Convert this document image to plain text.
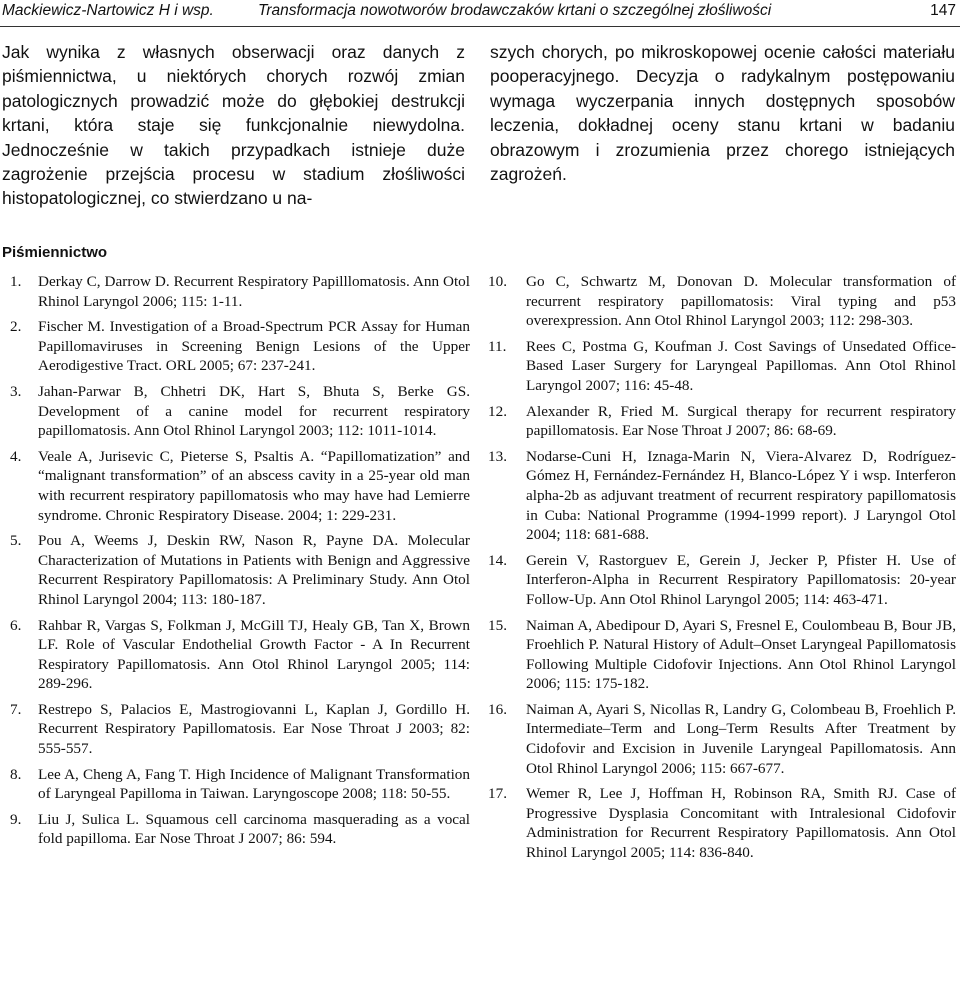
Mackiewicz-Nartowicz H i wsp.	Transformacja nowotworów brodawczaków krtani o szczególnej złośliwości	147

Jak wynika z własnych obserwacji oraz danych z piśmiennictwa, u niektórych chorych rozwój zmian patologicznych prowadzić może do głębokiej destrukcji krtani, która staje się funkcjonalnie niewydolna. Jednocześnie w takich przypadkach istnieje duże zagrożenie przejścia procesu w stadium złośliwości histopatologicznej, co stwierdzano u na-

szych chorych, po mikroskopowej ocenie całości materiału pooperacyjnego. Decyzja o radykalnym postępowaniu wymaga wyczerpania innych dostępnych sposobów leczenia, dokładnej oceny stanu krtani w badaniu obrazowym i zrozumienia przez chorego istniejących zagrożeń.

Piśmiennictwo
1. Derkay C, Darrow D. Recurrent Respiratory Papilllomatosis. Ann Otol Rhinol Laryngol 2006; 115: 1-11.
2. Fischer M. Investigation of a Broad-Spectrum PCR Assay for Human Papillomaviruses in Screening Benign Lesions of the Upper Aerodigestive Tract. ORL 2005; 67: 237-241.
3. Jahan-Parwar B, Chhetri DK, Hart S, Bhuta S, Berke GS. Development of a canine model for recurrent respiratory papillomatosis. Ann Otol Rhinol Laryngol 2003; 112: 1011-1014.
4. Veale A, Jurisevic C, Pieterse S, Psaltis A. “Papillomatization” and “malignant transformation” of an abscess cavity in a 25-year old man with recurrent respiratory papillomatosis who may have had Lemierre syndrome. Chronic Respiratory Disease. 2004; 1: 229-231.
5. Pou A, Weems J, Deskin RW, Nason R, Payne DA. Molecular Characterization of Mutations in Patients with Benign and Aggressive Recurrent Respiratory Papillomatosis: A Preliminary Study. Ann Otol Rhinol Laryngol 2004; 113: 180-187.
6. Rahbar R, Vargas S, Folkman J, McGill TJ, Healy GB, Tan X, Brown LF. Role of Vascular Endothelial Growth Factor - A In Recurrent Respiratory Papillomatosis. Ann Otol Rhinol Laryngol 2005; 114: 289-296.
7. Restrepo S, Palacios E, Mastrogiovanni L, Kaplan J, Gordillo H. Recurrent Respiratory Papillomatosis. Ear Nose Throat J 2003; 82: 555-557.
8. Lee A, Cheng A, Fang T. High Incidence of Malignant Transformation of Laryngeal Papilloma in Taiwan. Laryngoscope 2008; 118: 50-55.
9. Liu J, Sulica L. Squamous cell carcinoma masquerading as a vocal fold papilloma. Ear Nose Throat J 2007; 86: 594.
10. Go C, Schwartz M, Donovan D. Molecular transformation of recurrent respiratory papillomatosis: Viral typing and p53 overexpression. Ann Otol Rhinol Laryngol 2003; 112: 298-303.
11. Rees C, Postma G, Koufman J. Cost Savings of Unsedated Office-Based Laser Surgery for Laryngeal Papillomas. Ann Otol Rhinol Laryngol 2007; 116: 45-48.
12. Alexander R, Fried M. Surgical therapy for recurrent respiratory papillomatosis. Ear Nose Throat J 2007; 86: 68-69.
13. Nodarse-Cuni H, Iznaga-Marin N, Viera-Alvarez D, Rodríguez-Gómez H, Fernández-Fernández H, Blanco-López Y i wsp. Interferon alpha-2b as adjuvant treatment of recurrent respiratory papillomatosis in Cuba: National Programme (1994-1999 report). J Laryngol Otol 2004; 118: 681-688.
14. Gerein V, Rastorguev E, Gerein J, Jecker P, Pfister H. Use of Interferon-Alpha in Recurrent Respiratory Papillomatosis: 20-year Follow-Up. Ann Otol Rhinol Laryngol 2005; 114: 463-471.
15. Naiman A, Abedipour D, Ayari S, Fresnel E, Coulombeau B, Bour JB, Froehlich P. Natural History of Adult–Onset Laryngeal Papillomatosis Following Multiple Cidofovir Injections. Ann Otol Rhinol Laryngol 2006; 115: 175-182.
16. Naiman A, Ayari S, Nicollas R, Landry G, Colombeau B, Froehlich P. Intermediate–Term and Long–Term Results After Treatment by Cidofovir and Excision in Juvenile Laryngeal Papillomatosis. Ann Otol Rhinol Laryngol 2006; 115: 667-677.
17. Wemer R, Lee J, Hoffman H, Robinson RA, Smith RJ. Case of Progressive Dysplasia Concomitant with Intralesional Cidofovir Administration for Recurrent Respiratory Papillomatosis. Ann Otol Rhinol Laryngol 2005; 114: 836-840.
